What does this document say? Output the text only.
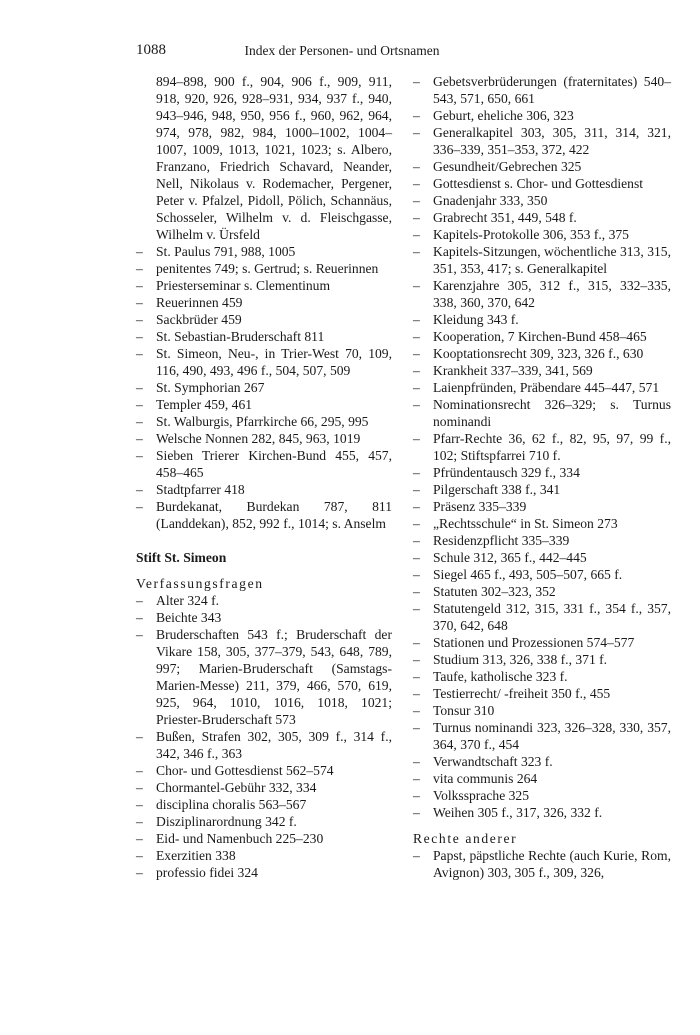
1088	Index der Personen- und Ortsnamen
894–898, 900 f., 904, 906 f., 909, 911, 918, 920, 926, 928–931, 934, 937 f., 940, 943–946, 948, 950, 956 f., 960, 962, 964, 974, 978, 982, 984, 1000–1002, 1004–1007, 1009, 1013, 1021, 1023; s. Albero, Franzano, Friedrich Schavard, Neander, Nell, Nikolaus v. Rodemacher, Pergener, Peter v. Pfalzel, Pidoll, Pölich, Schannäus, Schosseler, Wilhelm v. d. Fleischgasse, Wilhelm v. Ürsfeld
– St. Paulus 791, 988, 1005
– penitentes 749; s. Gertrud; s. Reuerinnen
– Priesterseminar s. Clementinum
– Reuerinnen 459
– Sackbrüder 459
– St. Sebastian-Bruderschaft 811
– St. Simeon, Neu-, in Trier-West 70, 109, 116, 490, 493, 496 f., 504, 507, 509
– St. Symphorian 267
– Templer 459, 461
– St. Walburgis, Pfarrkirche 66, 295, 995
– Welsche Nonnen 282, 845, 963, 1019
– Sieben Trierer Kirchen-Bund 455, 457, 458–465
– Stadtpfarrer 418
– Burdekanat, Burdekan 787, 811 (Landdekan), 852, 992 f., 1014; s. Anselm
Stift St. Simeon
Verfassungsfragen
– Alter 324 f.
– Beichte 343
– Bruderschaften 543 f.; Bruderschaft der Vikare 158, 305, 377–379, 543, 648, 789, 997; Marien-Bruderschaft (Samstags-Marien-Messe) 211, 379, 466, 570, 619, 925, 964, 1010, 1016, 1018, 1021; Priester-Bruderschaft 573
– Bußen, Strafen 302, 305, 309 f., 314 f., 342, 346 f., 363
– Chor- und Gottesdienst 562–574
– Chormantel-Gebühr 332, 334
– disciplina choralis 563–567
– Disziplinarordnung 342 f.
– Eid- und Namenbuch 225–230
– Exerzitien 338
– professio fidei 324
– Gebetsverbrüderungen (fraternitates) 540–543, 571, 650, 661
– Geburt, eheliche 306, 323
– Generalkapitel 303, 305, 311, 314, 321, 336–339, 351–353, 372, 422
– Gesundheit/Gebrechen 325
– Gottesdienst s. Chor- und Gottesdienst
– Gnadenjahr 333, 350
– Grabrecht 351, 449, 548 f.
– Kapitels-Protokolle 306, 353 f., 375
– Kapitels-Sitzungen, wöchentliche 313, 315, 351, 353, 417; s. Generalkapitel
– Karenzjahre 305, 312 f., 315, 332–335, 338, 360, 370, 642
– Kleidung 343 f.
– Kooperation, 7 Kirchen-Bund 458–465
– Kooptationsrecht 309, 323, 326 f., 630
– Krankheit 337–339, 341, 569
– Laienpfründen, Präbendare 445–447, 571
– Nominationsrecht 326–329; s. Turnus nominandi
– Pfarr-Rechte 36, 62 f., 82, 95, 97, 99 f., 102; Stiftspfarrei 710 f.
– Pfründentausch 329 f., 334
– Pilgerschaft 338 f., 341
– Präsenz 335–339
– „Rechtsschule“ in St. Simeon 273
– Residenzpflicht 335–339
– Schule 312, 365 f., 442–445
– Siegel 465 f., 493, 505–507, 665 f.
– Statuten 302–323, 352
– Statutengeld 312, 315, 331 f., 354 f., 357, 370, 642, 648
– Stationen und Prozessionen 574–577
– Studium 313, 326, 338 f., 371 f.
– Taufe, katholische 323 f.
– Testierrecht/ -freiheit 350 f., 455
– Tonsur 310
– Turnus nominandi 323, 326–328, 330, 357, 364, 370 f., 454
– Verwandtschaft 323 f.
– vita communis 264
– Volkssprache 325
– Weihen 305 f., 317, 326, 332 f.
Rechte anderer
– Papst, päpstliche Rechte (auch Kurie, Rom, Avignon) 303, 305 f., 309, 326,
